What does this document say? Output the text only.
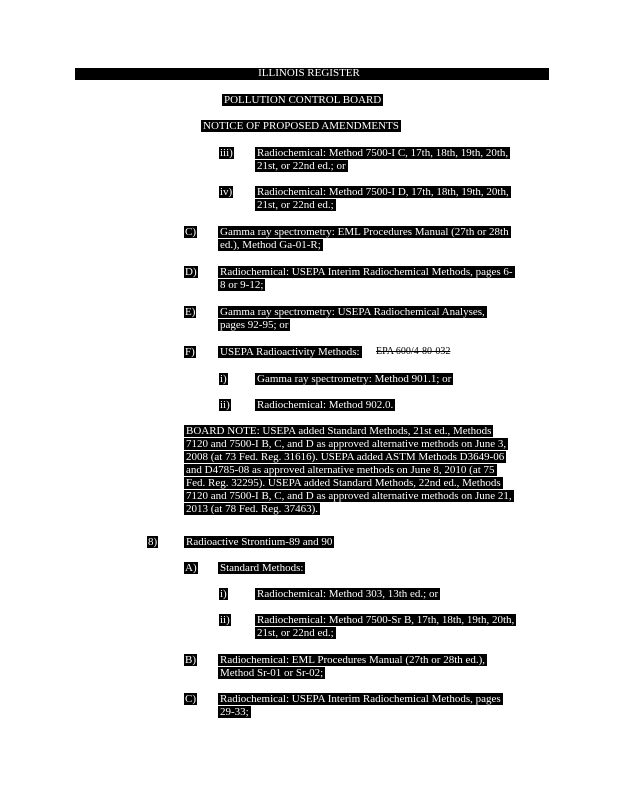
ILLINOIS REGISTER
POLLUTION CONTROL BOARD
NOTICE OF PROPOSED AMENDMENTS
iii) Radiochemical: Method 7500-I C, 17th, 18th, 19th, 20th,
21st, or 22nd ed.; or
iv) Radiochemical: Method 7500-I D, 17th, 18th, 19th, 20th,
21st, or 22nd ed.;
C) Gamma ray spectrometry: EML Procedures Manual (27th or 28th
ed.), Method Ga-01-R;
D) Radiochemical: USEPA Interim Radiochemical Methods, pages 6-
8 or 9-12;
E) Gamma ray spectrometry: USEPA Radiochemical Analyses,
pages 92-95; or
F) USEPA Radioactivity Methods: EPA 600/4-80-032
i)	Gamma ray spectrometry: Method 901.1; or
ii) Radiochemical: Method 902.0.
BOARD NOTE: USEPA added Standard Methods, 21st ed., Methods
7120 and 7500-I B, C, and D as approved alternative methods on June 3,
2008 (at 73 Fed. Reg. 31616). USEPA added ASTM Methods D3649-06
and D4785-08 as approved alternative methods on June 8, 2010 (at 75
Fed. Reg. 32295). USEPA added Standard Methods, 22nd ed., Methods
7120 and 7500-I B, C, and D as approved alternative methods on June 21,
2013 (at 78 Fed. Reg. 37463).
8)	Radioactive Strontium-89 and 90
A) Standard Methods:
i)	Radiochemical: Method 303, 13th ed.; or
ii) Radiochemical: Method 7500-Sr B, 17th, 18th, 19th, 20th,
21st, or 22nd ed.;
B) Radiochemical: EML Procedures Manual (27th or 28th ed.),
Method Sr-01 or Sr-02;
C) Radiochemical: USEPA Interim Radiochemical Methods, pages
29-33;
